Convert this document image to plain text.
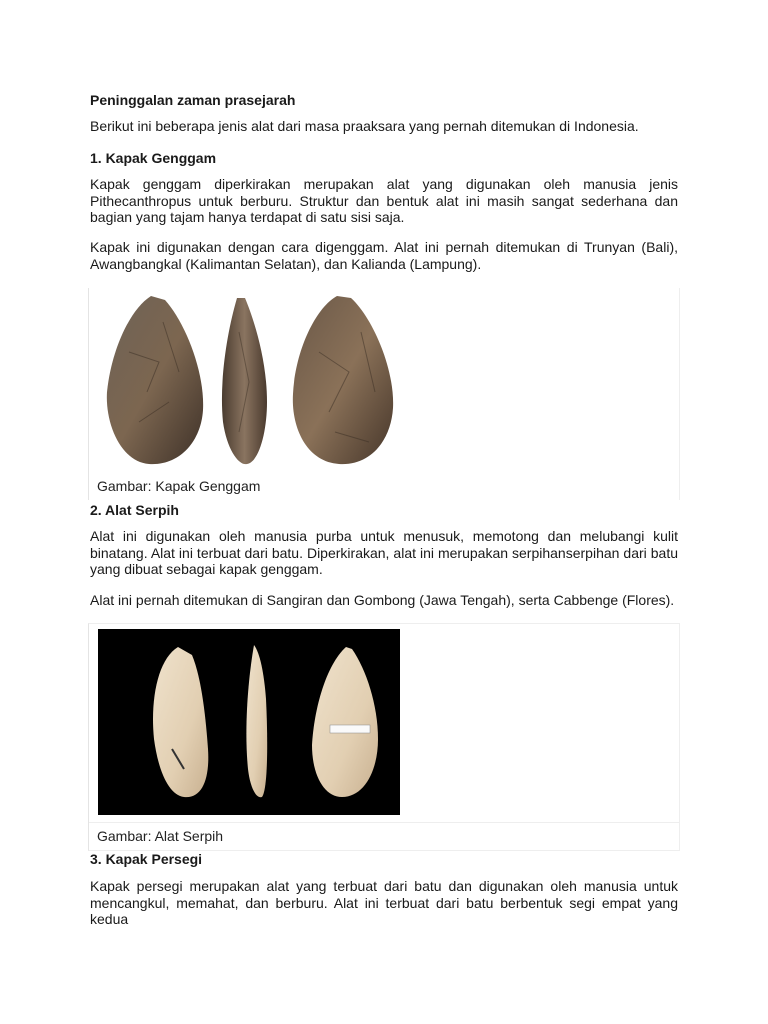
Peninggalan zaman prasejarah

Berikut ini beberapa jenis alat dari masa praaksara yang pernah ditemukan di Indonesia.

1. Kapak Genggam

Kapak genggam diperkirakan merupakan alat yang digunakan oleh manusia jenis Pithecanthropus untuk berburu. Struktur dan bentuk alat ini masih sangat sederhana dan bagian yang tajam hanya terdapat di satu sisi saja.

Kapak ini digunakan dengan cara digenggam. Alat ini pernah ditemukan di Trunyan (Bali), Awangbangkal (Kalimantan Selatan), dan Kalianda (Lampung).

Gambar: Kapak Genggam
2. Alat Serpih

Alat ini digunakan oleh manusia purba untuk menusuk, memotong dan melubangi kulit binatang. Alat ini terbuat dari batu. Diperkirakan, alat ini merupakan serpihanserpihan dari batu yang dibuat sebagai kapak genggam.

Alat ini pernah ditemukan di Sangiran dan Gombong (Jawa Tengah), serta Cabbenge (Flores).

Gambar: Alat Serpih
3. Kapak Persegi

Kapak persegi merupakan alat yang terbuat dari batu dan digunakan oleh manusia untuk mencangkul, memahat, dan berburu. Alat ini terbuat dari batu berbentuk segi empat yang kedua
